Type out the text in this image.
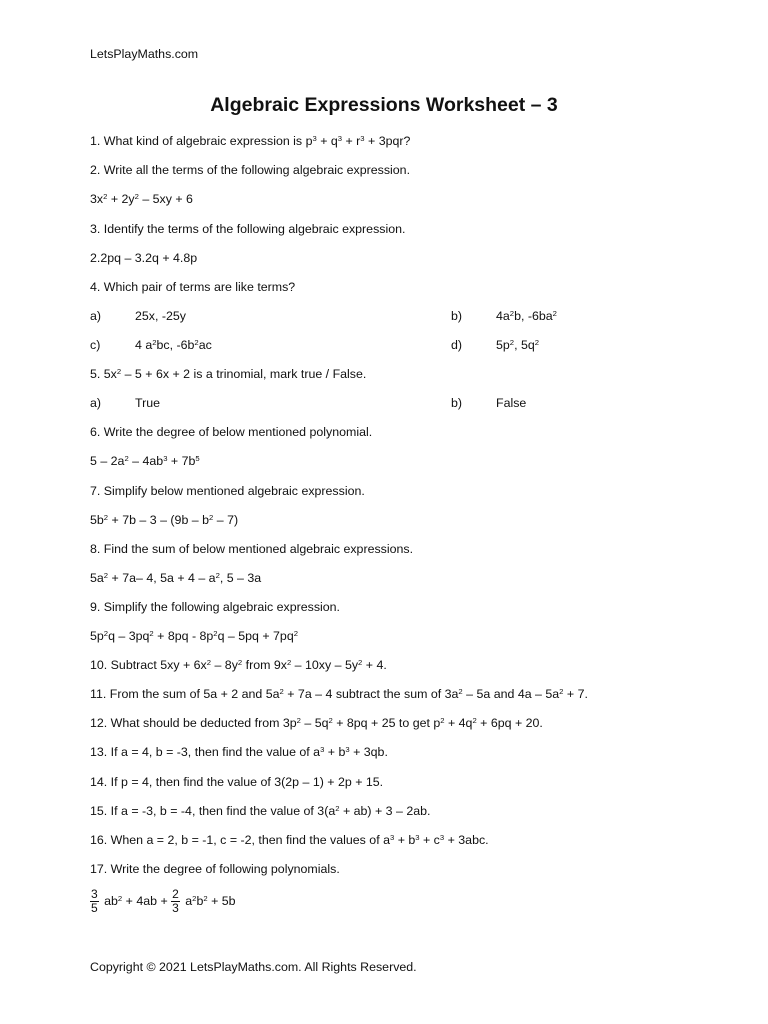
LetsPlayMaths.com
Algebraic Expressions Worksheet – 3
1. What kind of algebraic expression is $p^3 + q^3 + r^3 + 3pqr$?
2. Write all the terms of the following algebraic expression.
$3x^2 + 2y^2 - 5xy + 6$
3. Identify the terms of the following algebraic expression.
2.2pq – 3.2q + 4.8p
4. Which pair of terms are like terms?
a)	25x, -25y	b)	$4a^2b$, $-6ba^2$
c)	4 $a^2bc$, $-6b^2ac$	d)	$5p^2$, $5q^2$
5. $5x^2 - 5 + 6x + 2$ is a trinomial, mark true / False.
a)	True	b)	False
6. Write the degree of below mentioned polynomial.
$5 - 2a^2 - 4ab^3 + 7b^5$
7. Simplify below mentioned algebraic expression.
$5b^2 + 7b - 3 - (9b - b^2 - 7)$
8. Find the sum of below mentioned algebraic expressions.
$5a^2 + 7a-$ 4, $5a + 4 - a^2$, 5 – 3a
9. Simplify the following algebraic expression.
$5p^2q - 3pq^2 + 8pq - 8p^2q - 5pq + 7pq^2$
10. Subtract $5xy + 6x^2 - 8y^2$ from $9x^2 - 10xy - 5y^2 + 4$.
11. From the sum of 5a + 2 and $5a^2 + 7a - 4$ subtract the sum of $3a^2 - 5a$ and $4a - 5a^2 + 7$.
12. What should be deducted from $3p^2 - 5q^2 + 8pq + 25$ to get $p^2 + 4q^2 + 6pq + 20$.
13. If a = 4, b = -3, then find the value of $a^3 + b^3 + 3qb$.
14. If p = 4, then find the value of 3(2p – 1) + 2p + 15.
15. If a = -3, b = -4, then find the value of $3(a^2 + ab) + 3 - 2ab$.
16. When a = 2, b = -1, c = -2, then find the values of $a^3 + b^3 + c^3 + 3abc$.
17. Write the degree of following polynomials.
$\frac{3}{5} ab^2 + 4ab + \frac{2}{3} a^2b^2 + 5b$
Copyright © 2021 LetsPlayMaths.com. All Rights Reserved.
